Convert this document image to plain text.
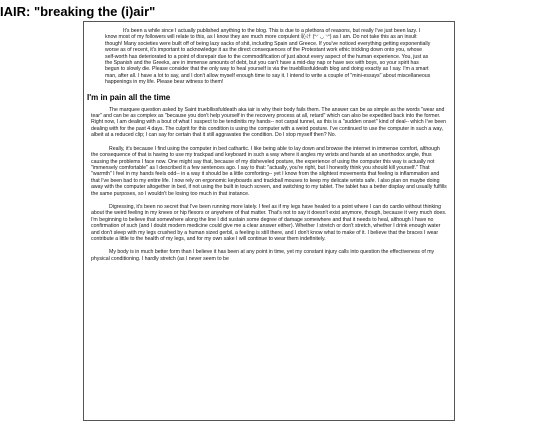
IAIR: "breaking the (i)air"

It's been a while since I actually published anything to the blog. This is due to a plethora of reasons, but really I've just been lazy. I know most of my followers will relate to this, as I know they are much more corpulent 恥け (ᐡ◜ ◡ ◝ᐡ) as I am. Do not take this as an insult though! Many societies were built off of being lazy sacks of shit, including Spain and Greece. If you've noticed everything getting exponentially worse as of recent, it's important to acknowledge it as the direct consequences of the Protestant work ethic trickling down onto you, whose self-worth has deteriorated to a point of disrepair due to the commodification of just about every aspect of the human experience. You, just as the Spanish and the Greeks, are in immense amounts of debt, but you can't have a mid-day nap or have sex with boys, so your spirit has begun to slowly die. Please consider that the only way to heal yourself is via the truebllissfuldeath blog and doing exactly as I say. I'm a smart man, after all. I have a lot to say, and I don't allow myself enough time to say it. I intend to write a couple of "mini-essays" about miscellaneous happenings in my life. Please bear witness to them!

I'm in pain all the time

The marquee question asked by Saint truebllissfuldeath aka iair is why their body fails them. The answer can be as simple as the words "wear and tear" and can be as complex as "because you don't help yourself in the recovery process at all, retard" which can also be expedited back into the former. Right now, I am dealing with a bout of what I suspect to be tendinitis my hands-- not carpal tunnel, as this is a "sudden onset" kind of deal-- which I've been dealing with for the past 4 days. The culprit for this condition is using the computer with a weird posture. I've continued to use the computer in such a way, albeit at a reduced clip; I can say for certain that it still aggravates the condition. Do I stop myself then? No.

Really, it's because I find using the computer in bed cathartic. I like being able to lay down and browse the internet in immense comfort, although the consequence of that is having to use my trackpad and keyboard in such a way where it angles my wrists and hands at an unorthodox angle, thus causing the problems I face now. One might say that, because of my disheveled posture, the experience of using the computer this way is actually not "immensely comfortable" as I described it a few sentences ago. I say to that: "actually, you're right, but I honestly think you should kill yourself." That "warmth" I feel in my hands feels odd-- in a way it should be a little comforting-- yet I know from the slightest movements that feeling is inflammation and that I've been bad to my entire life. I now rely on ergonomic keyboards and trackball mouses to keep my delicate wrists safe. I also plan on maybe doing away with the computer altogether in bed, if not using the built in touch screen, and switching to my tablet. The tablet has a better display and usually fulfills the same purposes, so I wouldn't be losing too much in that instance.

Digressing, it's been no secret that I've been running more lately. I feel as if my legs have healed to a point where I can do cardio without thinking about the weird feeling in my knees or hip flexors or anywhere of that matter. That's not to say it doesn't exist anymore, though, because it very much does. I'm beginning to believe that somewhere along the line I did sustain some degree of damage somewhere and that it needs to heal, although I have no confirmation of such (and I doubt modern medicine could give me a clear answer either). Whether I stretch or don't stretch, whether I drink enough water and don't sleep with my legs crushed by a human sized gerbil, a feeling is still there, and I don't know what to make of it. I believe that the braces I wear contribute a little to the health of my legs, and for my own sake I will continue to wear them indefinitely.

My body is in much better form than I believe it has been at any point in time, yet my constant injury calls into question the effectiveness of my physical conditioning. I hardly stretch (as I never seem to be
